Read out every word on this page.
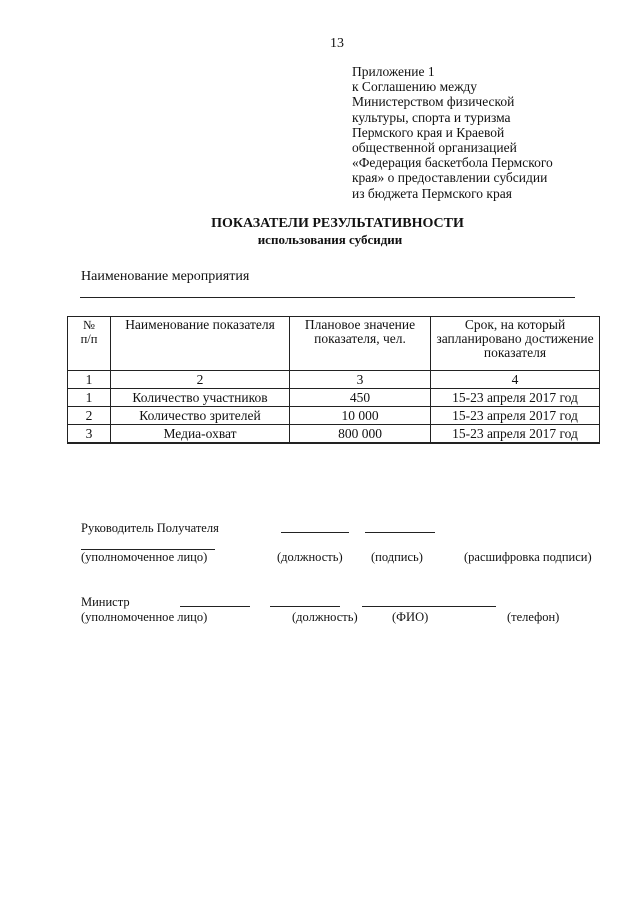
13
Приложение 1
к Соглашению между
Министерством физической
культуры, спорта и туризма
Пермского края и Краевой
общественной организацией
«Федерация баскетбола Пермского
края» о предоставлении субсидии
из бюджета Пермского края
ПОКАЗАТЕЛИ РЕЗУЛЬТАТИВНОСТИ
использования субсидии
Наименование мероприятия
№
п/п	Наименование показателя	Плановое значение показателя, чел.	Срок, на который запланировано достижение показателя
1	2	3	4
1	Количество участников	450	15-23 апреля 2017 год
2	Количество зрителей	10 000	15-23 апреля 2017 год
3	Медиа-охват	800 000	15-23 апреля 2017 год
Руководитель Получателя
(уполномоченное лицо)	(должность) (подпись)	(расшифровка подписи)
Министр
(уполномоченное лицо)	(должность)	(ФИО)	(телефон)
